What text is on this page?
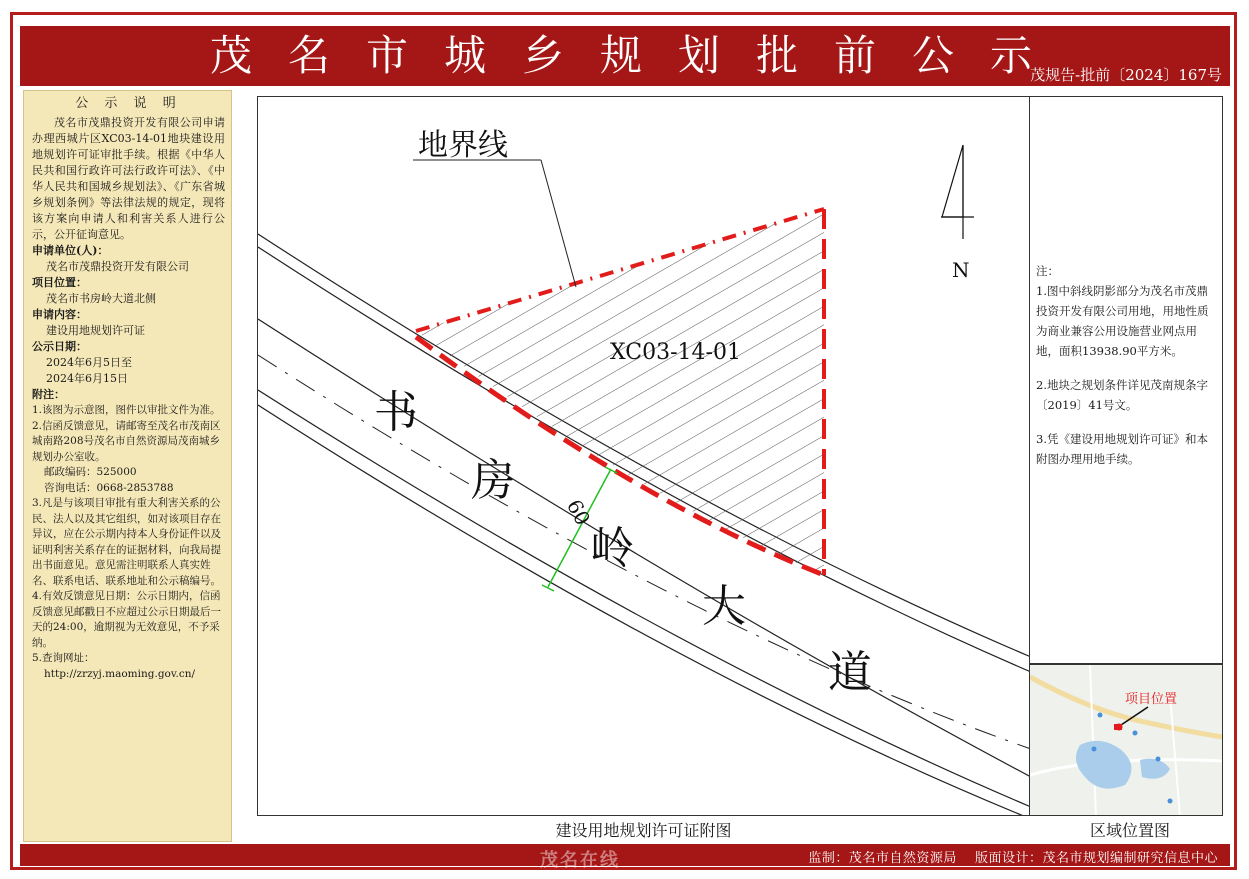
茂名市城乡规划批前公示
茂规告-批前〔2024〕167号
公 示 说 明

茂名市茂鼎投资开发有限公司申请办理西城片区XC03-14-01地块建设用地规划许可证审批手续。根据《中华人民共和国行政许可法行政许可法》、《中华人民共和国城乡规划法》、《广东省城乡规划条例》等法律法规的规定，现将该方案向申请人和利害关系人进行公示，公开征询意见。

申请单位(人)：

茂名市茂鼎投资开发有限公司

项目位置：

茂名市书房岭大道北侧

申请内容：

建设用地规划许可证

公示日期：

2024年6月5日至

2024年6月15日

附注：

1.该图为示意图，图件以审批文件为准。
2.信函反馈意见，请邮寄至茂名市茂南区城南路208号茂名市自然资源局茂南城乡规划办公室收。
邮政编码：525000
咨询电话：0668-2853788
3.凡是与该项目审批有重大利害关系的公民、法人以及其它组织，如对该项目存在异议，应在公示期内持本人身份证件以及证明利害关系存在的证据材料，向我局提出书面意见。意见需注明联系人真实姓名、联系电话、联系地址和公示稿编号。
4.有效反馈意见日期：公示日期内，信函反馈意见邮戳日不应超过公示日期最后一天的24:00，逾期视为无效意见，不予采纳。
5.查询网址：
http://zrzyj.maoming.gov.cn/
地界线
XC03-14-01
书
房
岭
大
道
60
N	注：

1.图中斜线阴影部分为茂名市茂鼎投资开发有限公司用地，用地性质为商业兼容公用设施营业网点用地，面积13938.90平方米。

2.地块之规划条件详见茂南规条字〔2019〕41号文。

3.凭《建设用地规划许可证》和本附图办理用地手续。

项目位置
建设用地规划许可证附图	区域位置图
监制：茂名市自然资源局　 版面设计：茂名市规划编制研究信息中心
茂名在线
